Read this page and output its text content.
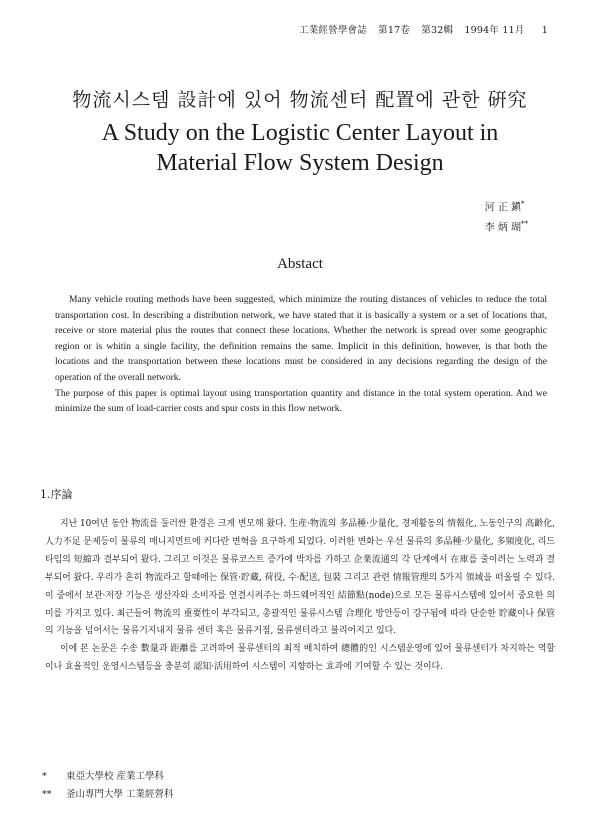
工業經營學會誌 第17卷 第32輯 1994年 11月 1
物流시스템 設計에 있어 物流센터 配置에 관한 硏究
A Study on the Logistic Center Layout in
Material Flow System Design
河 正 鎭*
李 炳 瑚**
Abstact

Many vehicle routing methods have been suggested, which minimize the routing distances of vehicles to reduce the total transportation cost. In describing a distribution network, we have stated that it is basically a system or a set of locations that, receive or store material plus the routes that connect these locations. Whether the network is spread over some geographic region or is whitin a single facility, the definition remains the same. Implicit in this definition, however, is that both the locations and the transportation between these locations must be considered in any decisions regarding the design of the operation of the overall network.

The purpose of this paper is optimal layout using transportation quantity and distance in the total system operation. And we minimize the sum of load-carrier costs and spur costs in this flow network.

1.序論

지난 10여년 동안 物流를 둘러싼 환경은 크게 변모해 왔다. 生産·物流의 多品種·少量化, 경제활동의 情報化, 노동인구의 高齡化, 人力不足 문제등이 물류의 매니지먼트에 커다란 변혁을 요구하게 되었다. 이러한 변화는 우선 물류의 多品種·少量化, 多頻度化, 리드타임의 短縮과 결부되어 왔다. 그리고 이것은 물류코스트 증가에 박차를 가하고 企業流通의 각 단계에서 在庫를 줄이려는 노력과 결부되어 왔다. 우리가 흔히 物流라고 할때에는 保管·貯藏, 荷役, 수·配送, 包裝 그리고 관련 情報管理의 5가지 領域을 떠올릴 수 있다. 이 중에서 보관·저장 기능은 생산자와 소비자를 연결시켜주는 하드웨어적인 結節點(node)으로 모든 물류시스템에 있어서 중요한 의미를 가지고 있다. 최근들어 物流의 重要性이 부각되고, 총괄적인 물류시스템 合理化 방안등이 강구됨에 따라 단순한 貯藏이나 保管의 기능을 넘어서는 물류기지내지 물류 센터 혹은 물류거점, 물류센터라고 불리어지고 있다.

이에 본 논문은 수송 數量과 距離를 고려하여 물류센터의 최적 배치하여 總體的인 시스템운영에 있어 물류센터가 차지하는 역할이나 효율적인 운영시스템등을 충분히 認知·活用하여 시스템이 지향하는 효과에 기여할 수 있는 것이다.

* 東亞大學校 産業工學科
** 釜山專門大學 工業經營科
